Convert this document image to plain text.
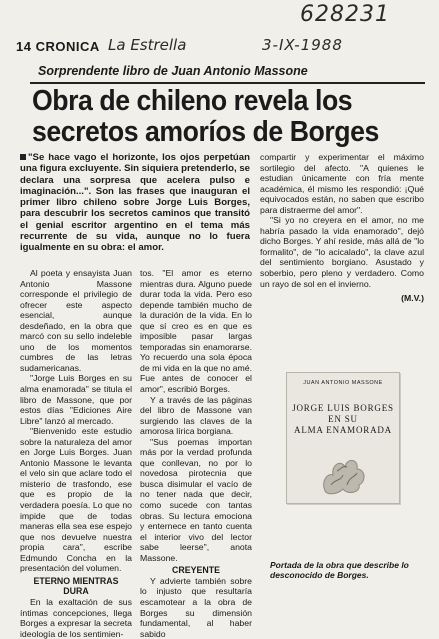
628231
La Estrella	3-IX-1988
14 CRONICA
Sorprendente libro de Juan Antonio Massone
Obra de chileno revela los
secretos amoríos de Borges
"Se hace vago el horizonte, los ojos perpetúan una figura excluyente. Sin siquiera pretenderlo, se declara una sorpresa que acelera pulso e imaginación...". Son las frases que inauguran el primer libro chileno sobre Jorge Luis Borges, para descubrir los secretos caminos que transitó el genial escritor argentino en el tema más recurrente de su vida, aunque no lo fuera igualmente en su obra: el amor.

Al poeta y ensayista Juan Antonio Massone corresponde el privilegio de ofrecer este aspecto esencial, aunque desdeñado, en la obra que marcó con su sello indeleble uno de los momentos cumbres de las letras sudamericanas.

"Jorge Luis Borges en su alma enamorada" se titula el libro de Massone, que por estos días "Ediciones Aire Libre" lanzó al mercado.

"Bienvenido este estudio sobre la naturaleza del amor en Jorge Luis Borges. Juan Antonio Massone le levanta el velo sin que aclare todo el misterio de trasfondo, ese que es propio de la verdadera poesía. Lo que no impide que de todas maneras ella sea ese espejo que nos devuelve nuestra propia cara", escribe Edmundo Concha en la presentación del volumen.

ETERNO MIENTRAS DURA

En la exaltación de sus íntimas concepciones, llega Borges a expresar la secreta ideología de los sentimien-

tos. "El amor es eterno mientras dura. Alguno puede durar toda la vida. Pero eso depende también mucho de la duración de la vida. En lo que sí creo es en que es imposible pasar largas temporadas sin enamorarse. Yo recuerdo una sola época de mi vida en la que no amé. Fue antes de conocer el amor", escribió Borges.

Y a través de las páginas del libro de Massone van surgiendo las claves de la amorosa lírica borgiana.

"Sus poemas importan más por la verdad profunda que conllevan, no por lo novedosa pirotecnia que busca disimular el vacío de no tener nada que decir, como sucede con tantas obras. Su lectura emociona y enternece en tanto cuenta el interior vivo del lector sabe leerse", anota Massone.

CREYENTE

Y advierte también sobre lo injusto que resultaría escamotear a la obra de Borges su dimensión fundamental, al haber sabido

compartir y experimentar el máximo sortilegio del afecto. "A quienes le estudian únicamente con fría mente académica, él mismo les respondió: ¡Qué equivocados están, no saben que escribo para distraerme del amor".

"Si yo no creyera en el amor, no me habría pasado la vida enamorado", dejó dicho Borges. Y ahí reside, más allá de "lo formalito", de "lo acicalado", la clave azul del sentimiento borgiano. Asustado y soberbio, pero pleno y verdadero. Como un rayo de sol en el invierno.

(M.V.)
JUAN ANTONIO MASSONE
JORGE LUIS BORGES
EN SU
ALMA ENAMORADA
Portada de la obra que describe lo desconocido de Borges.
